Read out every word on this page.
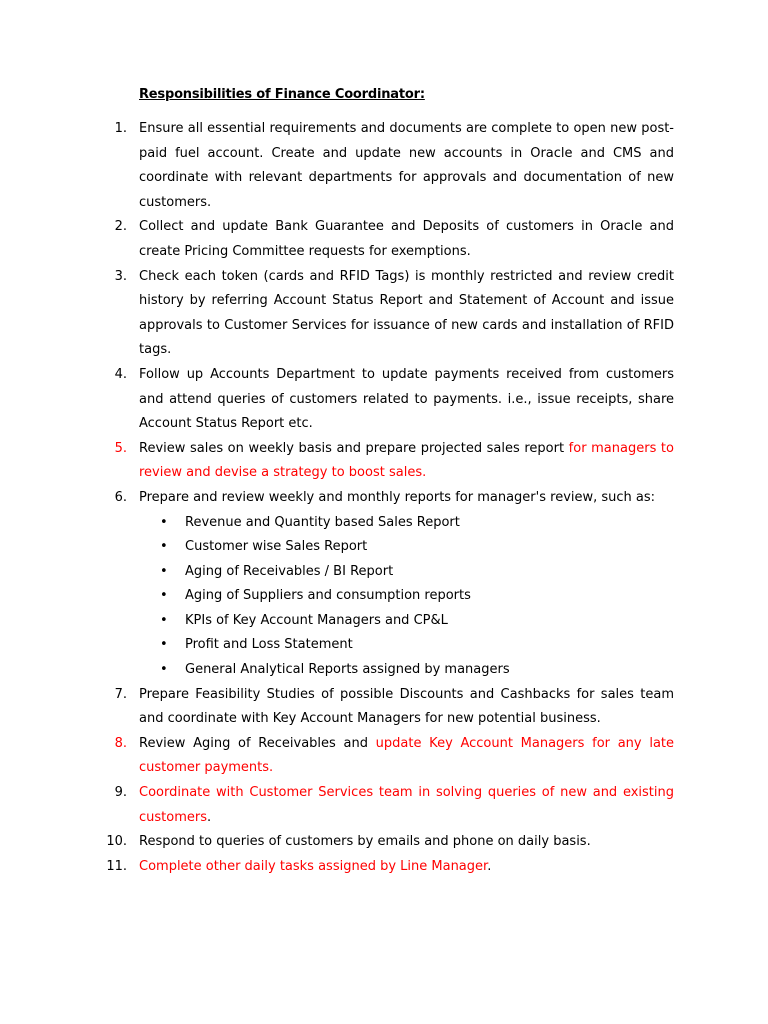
Responsibilities of Finance Coordinator:
1. Ensure all essential requirements and documents are complete to open new post-paid fuel account. Create and update new accounts in Oracle and CMS and coordinate with relevant departments for approvals and documentation of new customers.
2. Collect and update Bank Guarantee and Deposits of customers in Oracle and create Pricing Committee requests for exemptions.
3. Check each token (cards and RFID Tags) is monthly restricted and review credit history by referring Account Status Report and Statement of Account and issue approvals to Customer Services for issuance of new cards and installation of RFID tags.
4. Follow up Accounts Department to update payments received from customers and attend queries of customers related to payments. i.e., issue receipts, share Account Status Report etc.
5. Review sales on weekly basis and prepare projected sales report for managers to review and devise a strategy to boost sales.
6. Prepare and review weekly and monthly reports for manager's review, such as:
• Revenue and Quantity based Sales Report
• Customer wise Sales Report
• Aging of Receivables / BI Report
• Aging of Suppliers and consumption reports
• KPIs of Key Account Managers and CP&L
• Profit and Loss Statement
• General Analytical Reports assigned by managers
7. Prepare Feasibility Studies of possible Discounts and Cashbacks for sales team and coordinate with Key Account Managers for new potential business.
8. Review Aging of Receivables and update Key Account Managers for any late customer payments.
9. Coordinate with Customer Services team in solving queries of new and existing customers.
10. Respond to queries of customers by emails and phone on daily basis.
11. Complete other daily tasks assigned by Line Manager.
